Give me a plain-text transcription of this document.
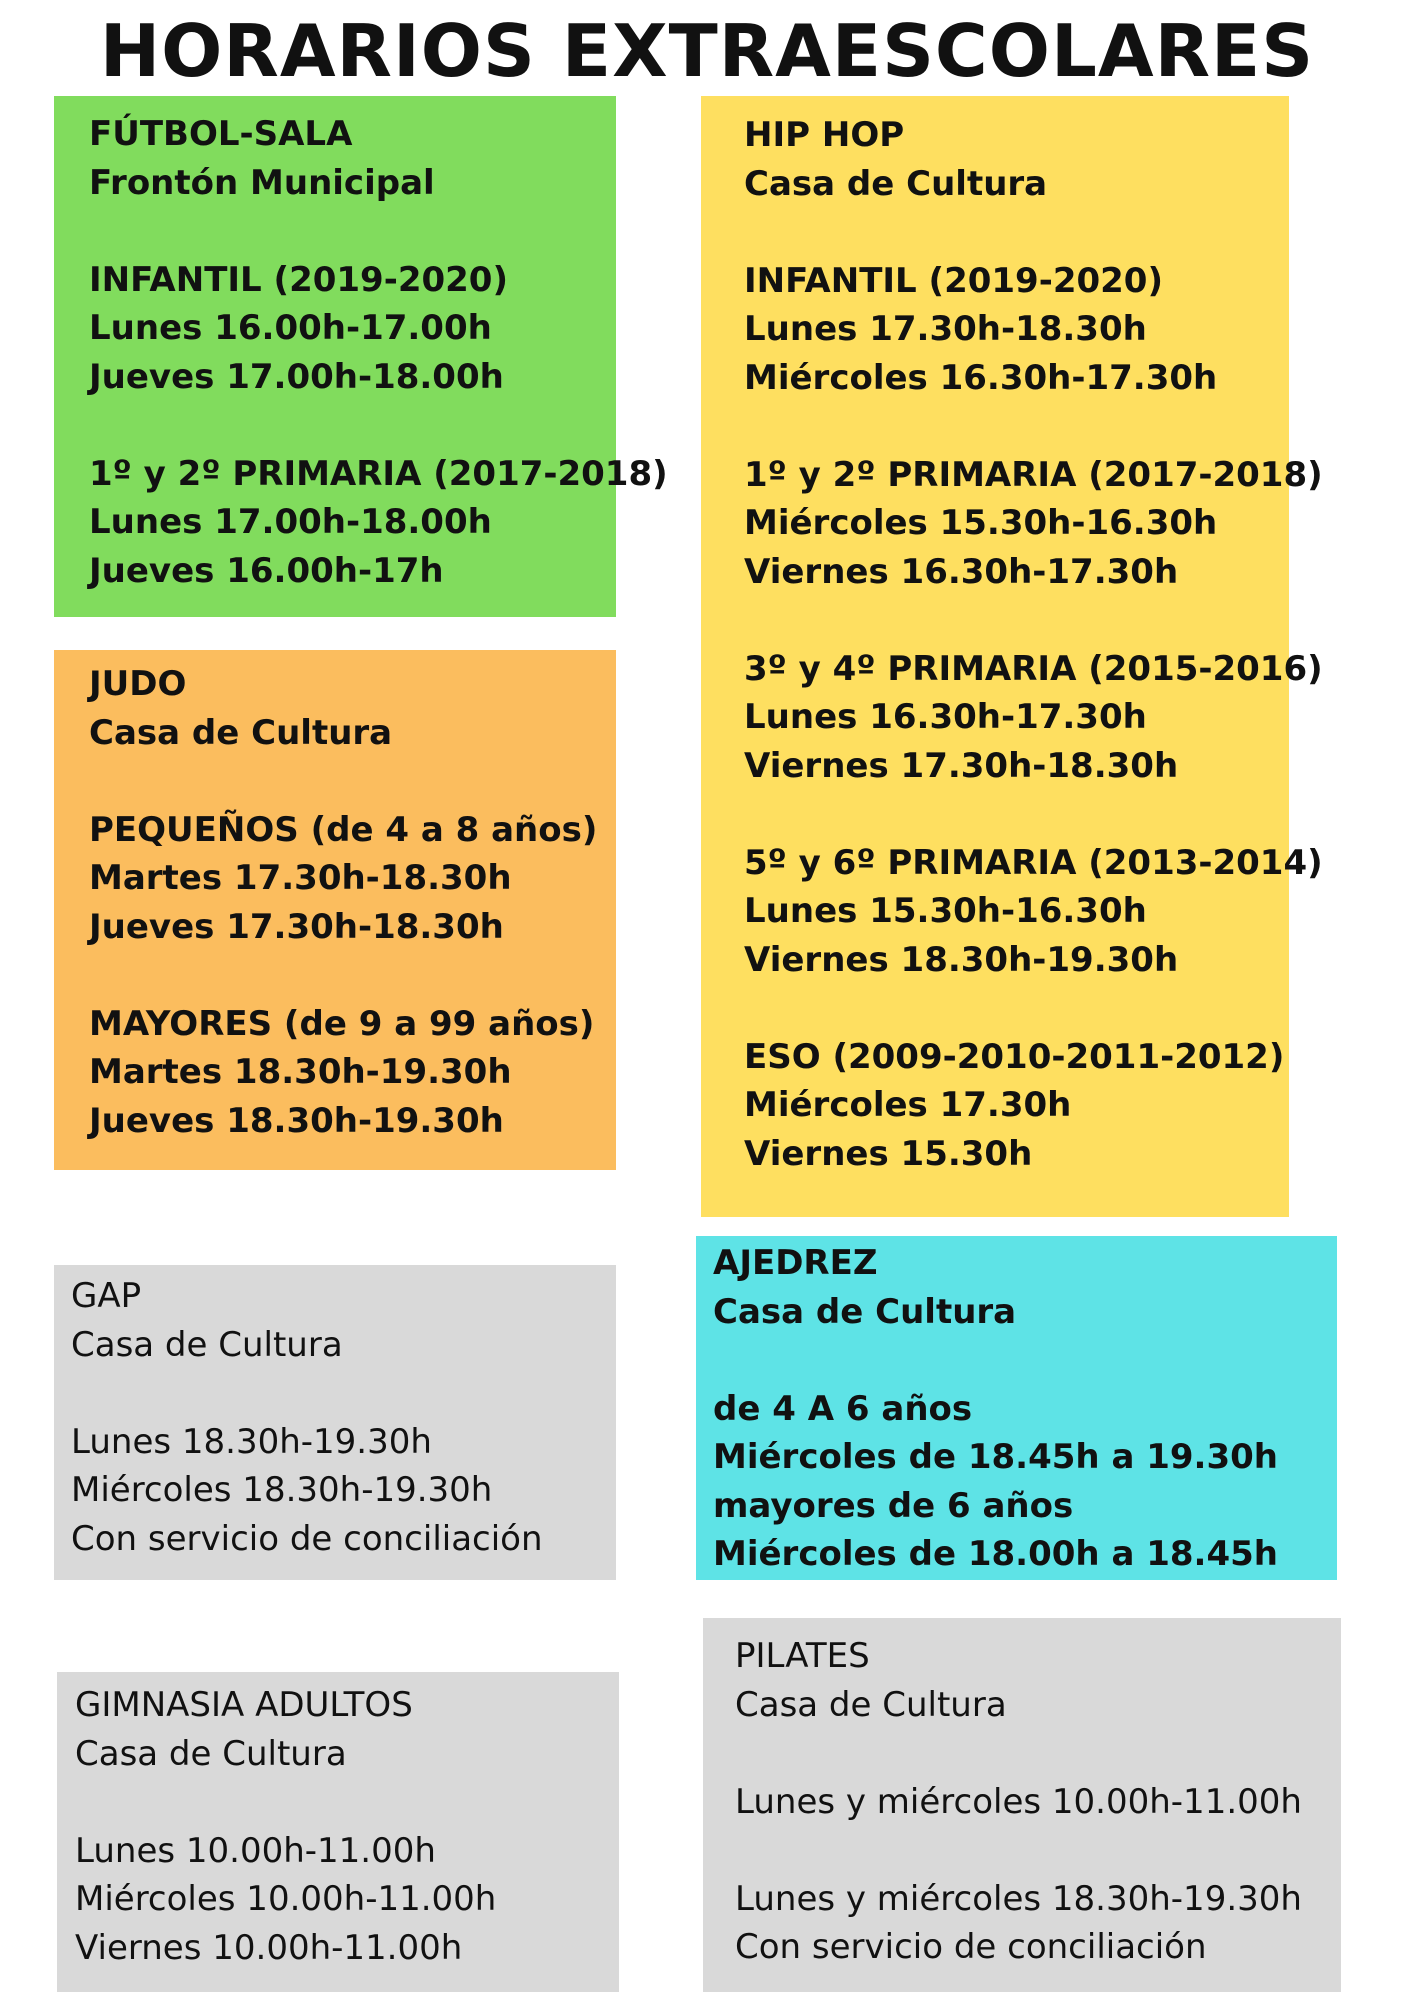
HORARIOS EXTRAESCOLARES
FÚTBOL-SALA
Frontón Municipal
INFANTIL (2019-2020)
Lunes 16.00h-17.00h
Jueves 17.00h-18.00h
1º y 2º PRIMARIA (2017-2018)
Lunes 17.00h-18.00h
Jueves 16.00h-17h
JUDO
Casa de Cultura
PEQUEÑOS (de 4 a 8 años)
Martes 17.30h-18.30h
Jueves 17.30h-18.30h
MAYORES (de 9 a 99 años)
Martes 18.30h-19.30h
Jueves 18.30h-19.30h
HIP HOP
Casa de Cultura
INFANTIL (2019-2020)
Lunes 17.30h-18.30h
Miércoles 16.30h-17.30h
1º y 2º PRIMARIA (2017-2018)
Miércoles 15.30h-16.30h
Viernes 16.30h-17.30h
3º y 4º PRIMARIA (2015-2016)
Lunes 16.30h-17.30h
Viernes 17.30h-18.30h
5º y 6º PRIMARIA (2013-2014)
Lunes 15.30h-16.30h
Viernes 18.30h-19.30h
ESO (2009-2010-2011-2012)
Miércoles 17.30h
Viernes 15.30h
GAP
Casa de Cultura
Lunes 18.30h-19.30h
Miércoles 18.30h-19.30h
Con servicio de conciliación
AJEDREZ
Casa de Cultura
de 4 A 6 años
Miércoles de 18.45h a 19.30h
mayores de 6 años
Miércoles de 18.00h a 18.45h
GIMNASIA ADULTOS
Casa de Cultura
Lunes 10.00h-11.00h
Miércoles 10.00h-11.00h
Viernes 10.00h-11.00h
PILATES
Casa de Cultura
Lunes y miércoles 10.00h-11.00h
Lunes y miércoles 18.30h-19.30h
Con servicio de conciliación
